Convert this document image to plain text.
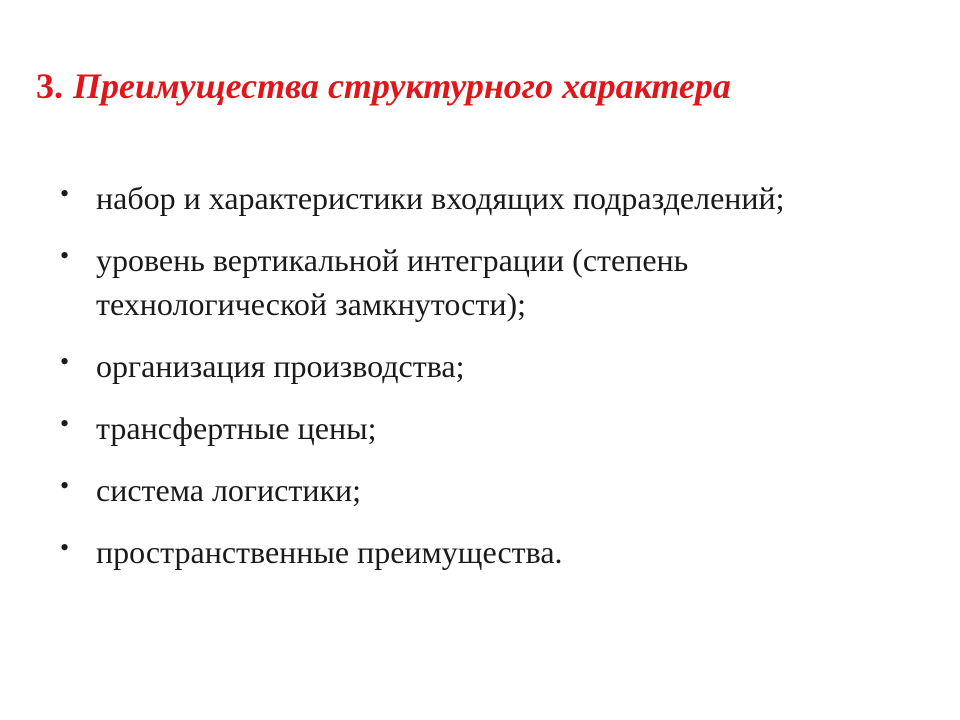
3. Преимущества структурного характера
• набор и характеристики входящих подразделений;
• уровень вертикальной интеграции (степень технологической замкнутости);
• организация производства;
• трансфертные цены;
• система логистики;
• пространственные преимущества.
